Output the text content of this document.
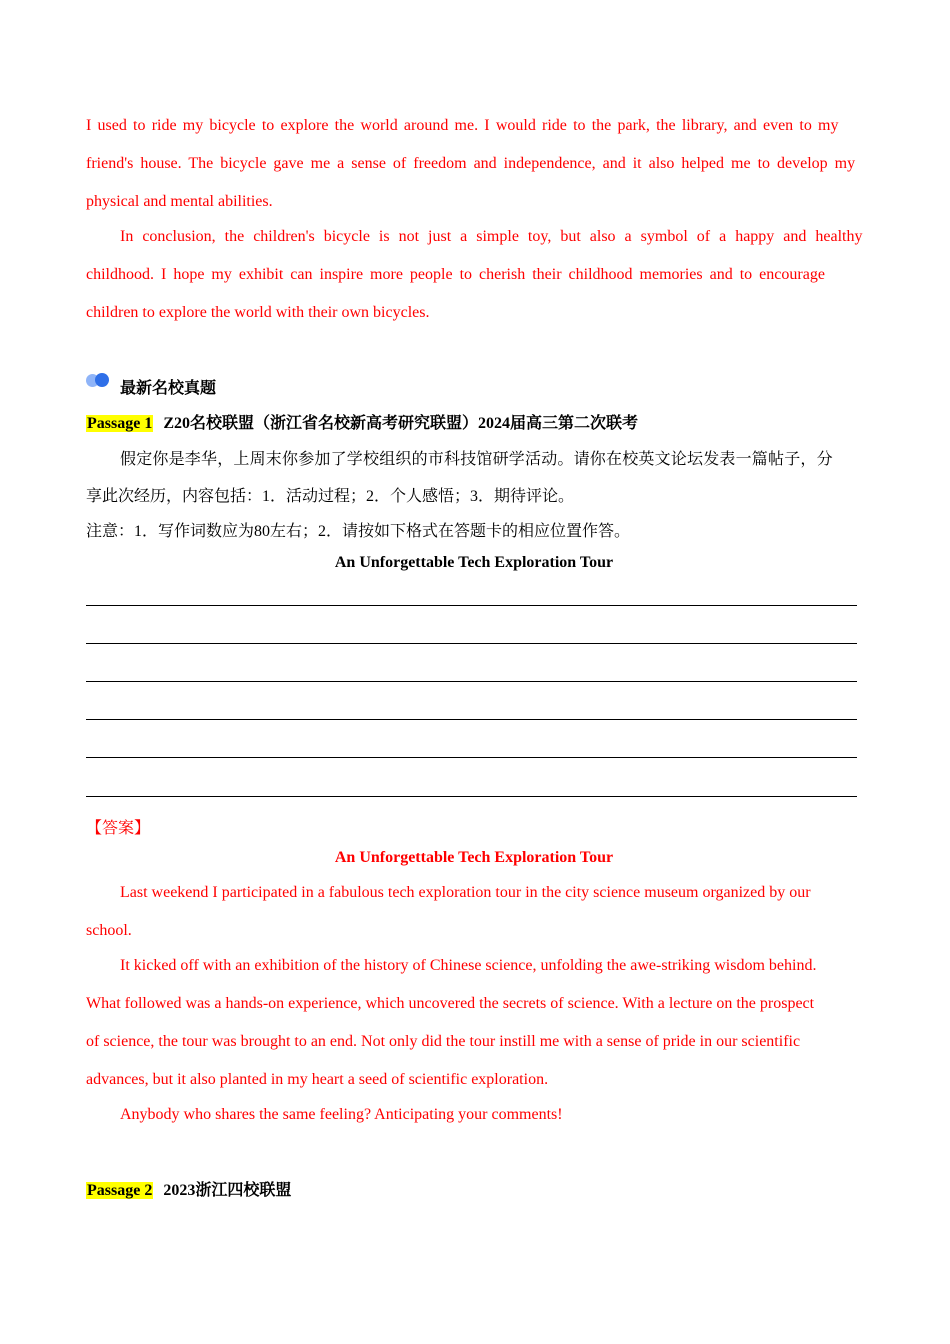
I used to ride my bicycle to explore the world around me. I would ride to the park, the library, and even to my
friend's house. The bicycle gave me a sense of freedom and independence, and it also helped me to develop my
physical and mental abilities.
In conclusion, the children's bicycle is not just a simple toy, but also a symbol of a happy and healthy
childhood. I hope my exhibit can inspire more people to cherish their childhood memories and to encourage
children to explore the world with their own bicycles.
最新名校真题
Passage 1 Z20名校联盟（浙江省名校新高考研究联盟）2024届高三第二次联考
假定你是李华，上周末你参加了学校组织的市科技馆研学活动。请你在校英文论坛发表一篇帖子，分
享此次经历，内容包括：1．活动过程；2．个人感悟；3．期待评论。
注意：1．写作词数应为80左右；2．请按如下格式在答题卡的相应位置作答。
An Unforgettable Tech Exploration Tour
【答案】
An Unforgettable Tech Exploration Tour
Last weekend I participated in a fabulous tech exploration tour in the city science museum organized by our
school.
It kicked off with an exhibition of the history of Chinese science, unfolding the awe-striking wisdom behind.
What followed was a hands-on experience, which uncovered the secrets of science. With a lecture on the prospect
of science, the tour was brought to an end. Not only did the tour instill me with a sense of pride in our scientific
advances, but it also planted in my heart a seed of scientific exploration.
Anybody who shares the same feeling? Anticipating your comments!
Passage 2 2023浙江四校联盟
